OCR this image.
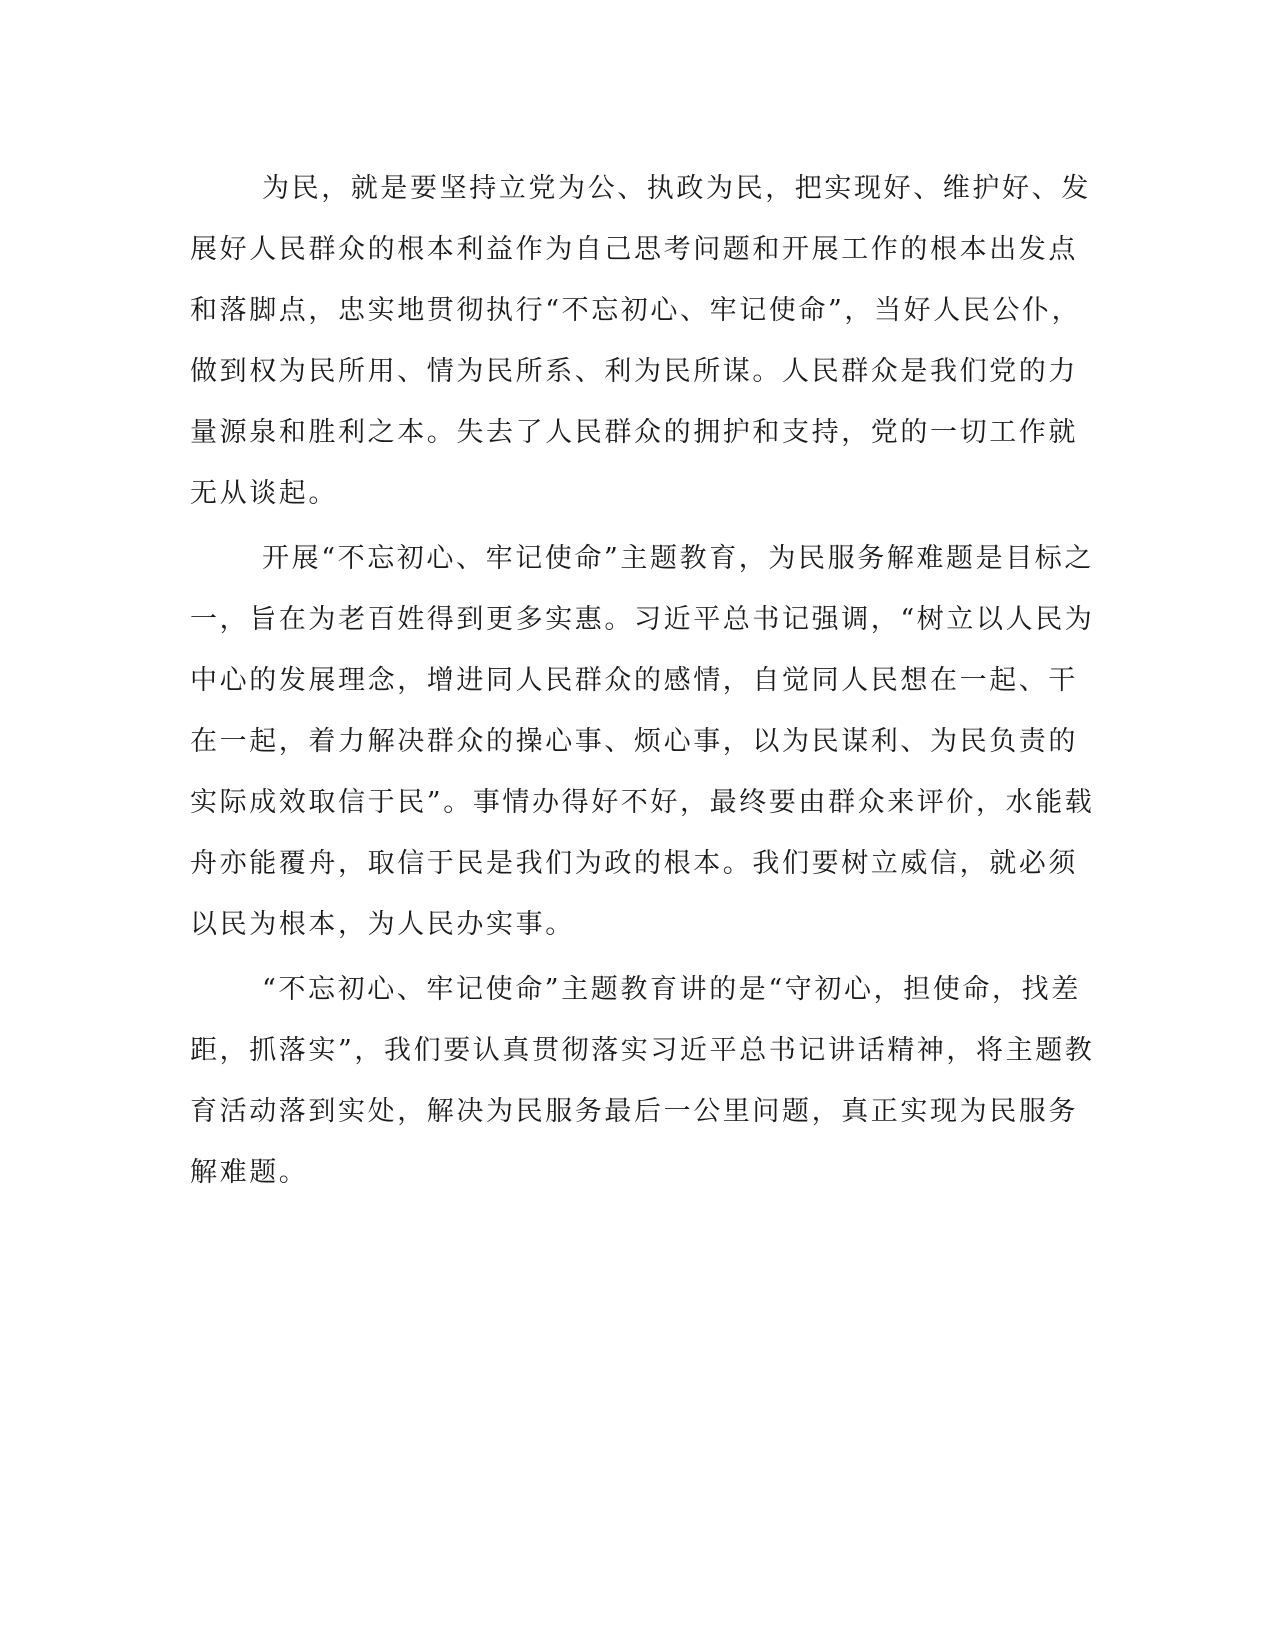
为民，就是要坚持立党为公、执政为民，把实现好、维护好、发
展好人民群众的根本利益作为自己思考问题和开展工作的根本出发点
和落脚点，忠实地贯彻执行“不忘初心、牢记使命”，当好人民公仆，
做到权为民所用、情为民所系、利为民所谋。人民群众是我们党的力
量源泉和胜利之本。失去了人民群众的拥护和支持，党的一切工作就
无从谈起。
开展“不忘初心、牢记使命”主题教育，为民服务解难题是目标之
一，旨在为老百姓得到更多实惠。习近平总书记强调，“树立以人民为
中心的发展理念，增进同人民群众的感情，自觉同人民想在一起、干
在一起，着力解决群众的操心事、烦心事，以为民谋利、为民负责的
实际成效取信于民”。事情办得好不好，最终要由群众来评价，水能载
舟亦能覆舟，取信于民是我们为政的根本。我们要树立威信，就必须
以民为根本，为人民办实事。
“不忘初心、牢记使命”主题教育讲的是“守初心，担使命，找差
距，抓落实”，我们要认真贯彻落实习近平总书记讲话精神，将主题教
育活动落到实处，解决为民服务最后一公里问题，真正实现为民服务
解难题。
